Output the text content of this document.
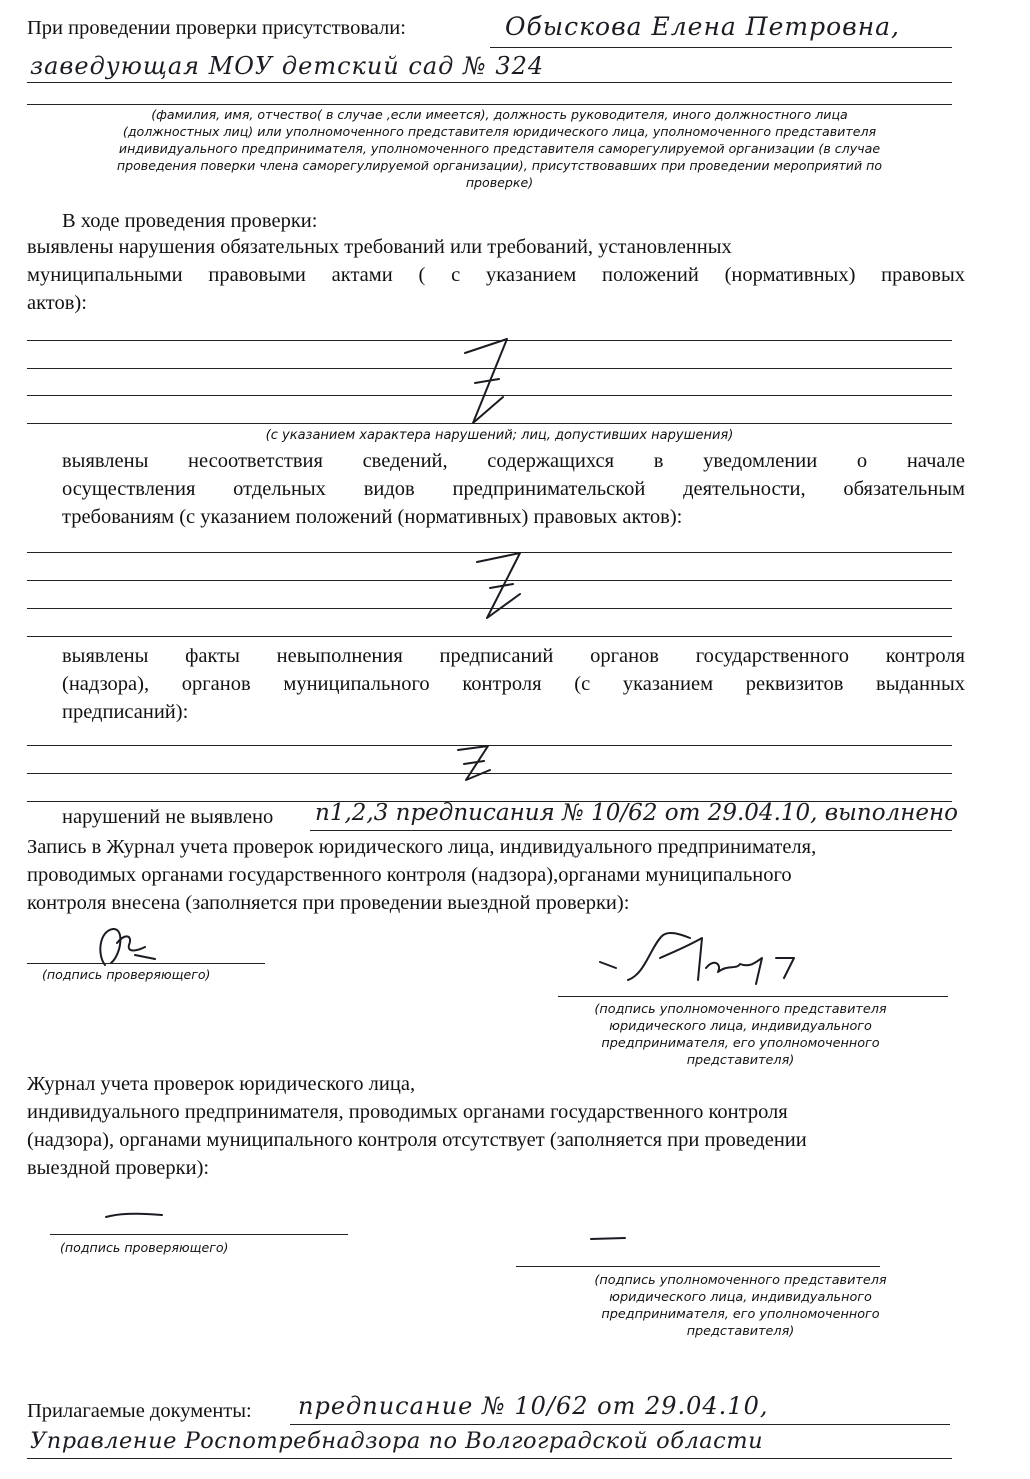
При проведении проверки присутствовали:	Обыскова Елена Петровна,
заведующая МОУ детский сад № 324
(фамилия, имя, отчество( в случае ,если имеется), должность руководителя, иного должностного лица
(должностных лиц) или уполномоченного представителя юридического лица, уполномоченного представителя
индивидуального предпринимателя, уполномоченного представителя саморегулируемой организации (в случае
проведения поверки члена саморегулируемой организации), присутствовавших при проведении мероприятий по
проверке)
В ходе проведения проверки:
выявлены нарушения обязательных требований или требований, установленных
муниципальными правовыми актами ( с указанием положений (нормативных) правовых
актов):
(с указанием характера нарушений; лиц, допустивших нарушения)
выявлены несоответствия сведений, содержащихся в уведомлении о начале
осуществления отдельных видов предпринимательской деятельности, обязательным
требованиям (с указанием положений (нормативных) правовых актов):
выявлены факты невыполнения предписаний органов государственного контроля
(надзора), органов муниципального контроля (с указанием реквизитов выданных
предписаний):
нарушений не выявлено п1,2,3 предписания № 10/62 от 29.04.10, выполнено
Запись в Журнал учета проверок юридического лица, индивидуального предпринимателя,
проводимых органами государственного контроля (надзора),органами муниципального
контроля внесена (заполняется при проведении выездной проверки):
(подпись проверяющего)
(подпись уполномоченного представителя
юридического лица, индивидуального
предпринимателя, его уполномоченного
представителя)
Журнал учета проверок юридического лица,
индивидуального предпринимателя, проводимых органами государственного контроля
(надзора), органами муниципального контроля отсутствует (заполняется при проведении
выездной проверки):
(подпись проверяющего)
(подпись уполномоченного представителя
юридического лица, индивидуального
предпринимателя, его уполномоченного
представителя)
Прилагаемые документы: предписание № 10/62 от 29.04.10,
Управление Роспотребнадзора по Волгоградской области
